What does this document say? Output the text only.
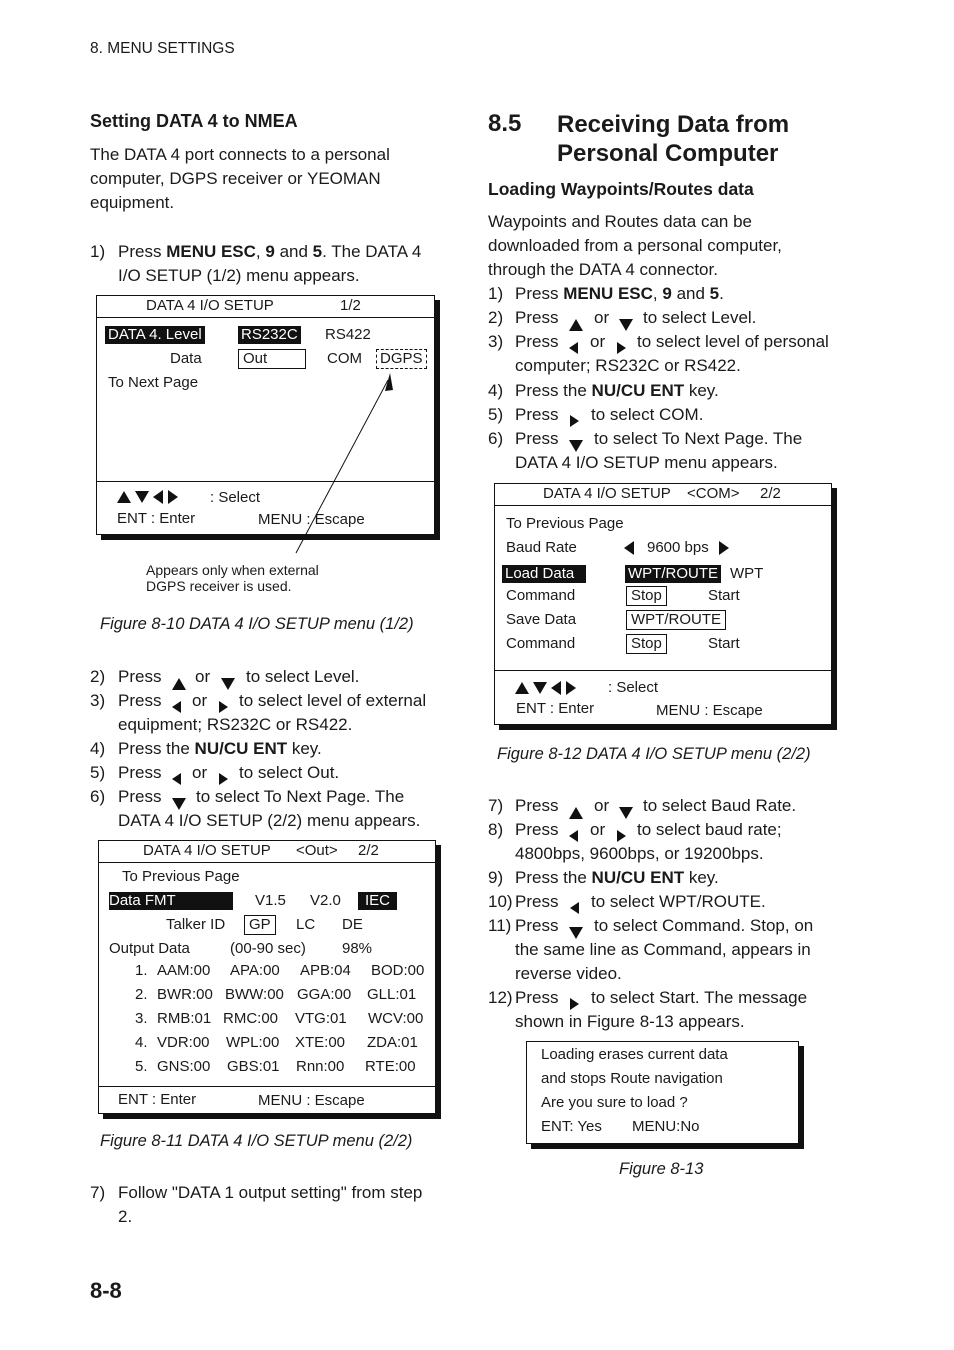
8. MENU SETTINGS
Setting DATA 4 to NMEA
The DATA 4 port connects to a personal
computer, DGPS receiver or YEOMAN
equipment.
1) Press MENU ESC, 9 and 5. The DATA 4
I/O SETUP (1/2) menu appears.
DATA 4 I/O SETUP	1/2
DATA 4. Level	RS232C RS422
Data	Out	COM DGPS
To Next Page

: Select
ENT : Enter	MENU : Escape
Appears only when external
DGPS receiver is used.
Figure 8-10 DATA 4 I/O SETUP menu (1/2)
2) Press or to select Level.
3) Press or to select level of external
equipment; RS232C or RS422.
4) Press the NU/CU ENT key.
5) Press or to select Out.
6) Press to select To Next Page. The
DATA 4 I/O SETUP (2/2) menu appears.
DATA 4 I/O SETUP <Out> 2/2
To Previous Page
Data FMT	V1.5 V2.0	IEC
Talker ID	GP	LC DE
Output Data	(00-90 sec) 98%
1. AAM:00 APA:00 APB:04 BOD:00
2. BWR:00 BWW:00 GGA:00 GLL:01
3. RMB:01 RMC:00 VTG:01 WCV:00
4. VDR:00 WPL:00 XTE:00 ZDA:01
5. GNS:00 GBS:01 Rnn:00 RTE:00
ENT : Enter	MENU : Escape
Figure 8-11 DATA 4 I/O SETUP menu (2/2)
7) Follow "DATA 1 output setting" from step
2.
8-8
8.5 Receiving Data from
Personal Computer
Loading Waypoints/Routes data
Waypoints and Routes data can be
downloaded from a personal computer,
through the DATA 4 connector.
1) Press MENU ESC, 9 and 5.
2) Press or to select Level.
3) Press or to select level of personal
computer; RS232C or RS422.
4) Press the NU/CU ENT key.
5) Press to select COM.
6) Press to select To Next Page. The
DATA 4 I/O SETUP menu appears.
DATA 4 I/O SETUP <COM> 2/2
To Previous Page
Baud Rate	9600 bps
Load Data	WPT/ROUTE WPT
Command	Stop	Start
Save Data	WPT/ROUTE
Command	Stop	Start

: Select
ENT : Enter	MENU : Escape
Figure 8-12 DATA 4 I/O SETUP menu (2/2)
7) Press or to select Baud Rate.
8) Press or to select baud rate;
4800bps, 9600bps, or 19200bps.
9) Press the NU/CU ENT key.
10) Press to select WPT/ROUTE.
11) Press to select Command. Stop, on
the same line as Command, appears in
reverse video.
12) Press to select Start. The message
shown in Figure 8-13 appears.
Loading erases current data
and stops Route navigation
Are you sure to load ?
ENT: Yes MENU:No
Figure 8-13
